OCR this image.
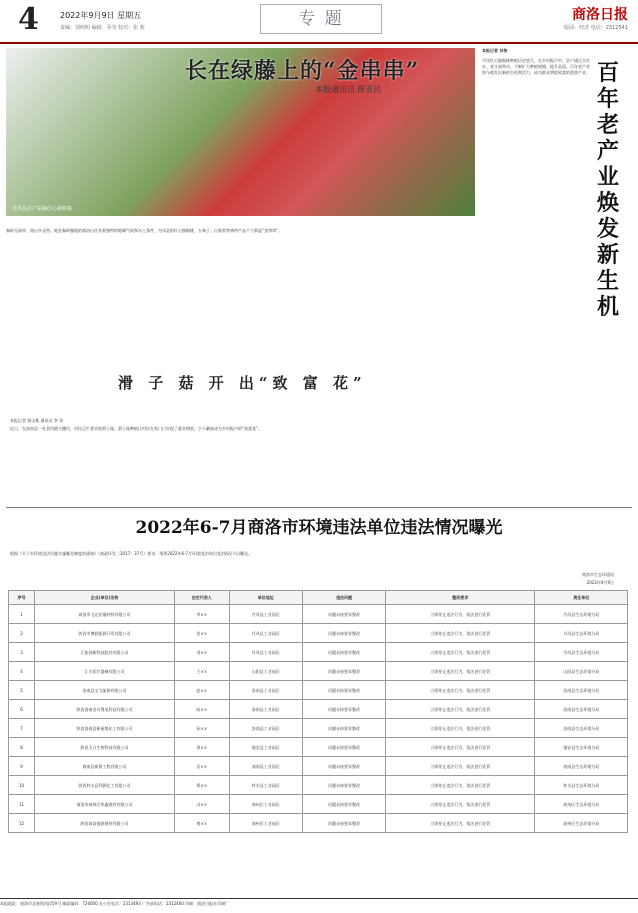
4	2022年9月9日 星期五
责编：刘明明 编辑：乔莹 校对：张 莉	专 题	商洛日报
版面：经济 电话：2312541
长在绿藤上的“金串串”
本报通讯员 陈亚民
丹凤县农户采摘红心猕猴桃
秦岭无闲草，商山多灵药。地处秦岭腹地的商洛山区有着独特的地域气候和水土条件，丹凤县的红心猕猴桃、五味子、山茱萸等林特产品个个都是“金串串”。
百年老产业 焕发新生机
本报记者 刘伟
丹凤红心猕猴桃种植历史悠久，在乡村振兴中，农户通过合作社、党支部带动，不断扩大种植规模，提升品质。百年老产业如今焕发出新的生机和活力，成为群众增收致富的重要产业。
滑 子 菇 开 出“致 富 花”
本报记者 杨宝栋 通讯员 李 英
近日，在洛南县一处食用菌大棚内，村民正忙着采收滑子菇。滑子菇种植让村民在家门口实现了就业增收，小小蘑菇成为乡村振兴的“致富花”。
2022年6-7月商洛市环境违法单位违法情况曝光
根据《关于对环境违法问题实施曝光制度的通知》（商政环发〔2017〕37号）要求，现将2022年6-7月环境违法单位违法情况予以曝光。
商洛市生态环境局
2022年9月9日
序号	企业(单位)名称	法定代表人	单位地址	违法问题	整改要求	责任单位
1	商洛市飞达民爆材料有限公司	李××	丹凤县工业园区	问题未按要求整改	立即停止违法行为，依法进行处罚	丹凤县生态环境分局
2	陕西中博润能源开发有限公司	张××	丹凤县工业园区	问题未按要求整改	立即停止违法行为，依法进行处罚	丹凤县生态环境分局
3	汇能创新科技股份有限公司	刘××	丹凤县工业园区	问题未按要求整改	立即停止违法行为，依法进行处罚	丹凤县生态环境分局
4	汇丰医疗器械有限公司	王××	山阳县工业园区	问题未按要求整改	立即停止违法行为，依法进行处罚	山阳县生态环境分局
5	洛南县宝飞能源有限公司	赵××	洛南县工业园区	问题未按要求整改	立即停止违法行为，依法进行处罚	洛南县生态环境分局
6	陕西洛南金川锂电科技有限公司	陈××	洛南县工业园区	问题未按要求整改	立即停止违法行为，依法进行处罚	洛南县生态环境分局
7	陕西洛南县新丽都化工有限公司	孙××	洛南县工业园区	问题未按要求整改	立即停止违法行为，依法进行处罚	洛南县生态环境分局
8	陕西太白生物科技有限公司	周××	镇安县工业园区	问题未按要求整改	立即停止违法行为，依法进行处罚	镇安县生态环境分局
9	商南县新源工程有限公司	吴××	商南县工业园区	问题未按要求整改	立即停止违法行为，依法进行处罚	商南县生态环境分局
10	陕西柞水县利源化工有限公司	郑××	柞水县工业园区	问题未按要求整改	立即停止违法行为，依法进行处罚	柞水县生态环境分局
11	商洛市商州区华鑫建材有限公司	冯××	商州区工业园区	问题未按要求整改	立即停止违法行为，依法进行处罚	商州区生态环境分局
12	陕西商洛盛源建材有限公司	褚××	商州区工业园区	问题未按要求整改	立即停止违法行为，依法进行处罚	商州区生态环境分局
本报地址：商洛市北新街西段59号 邮政编码：726000 办公室电话：2313493 广告部电话：2312460 印刷：商洛日报社印刷厂
